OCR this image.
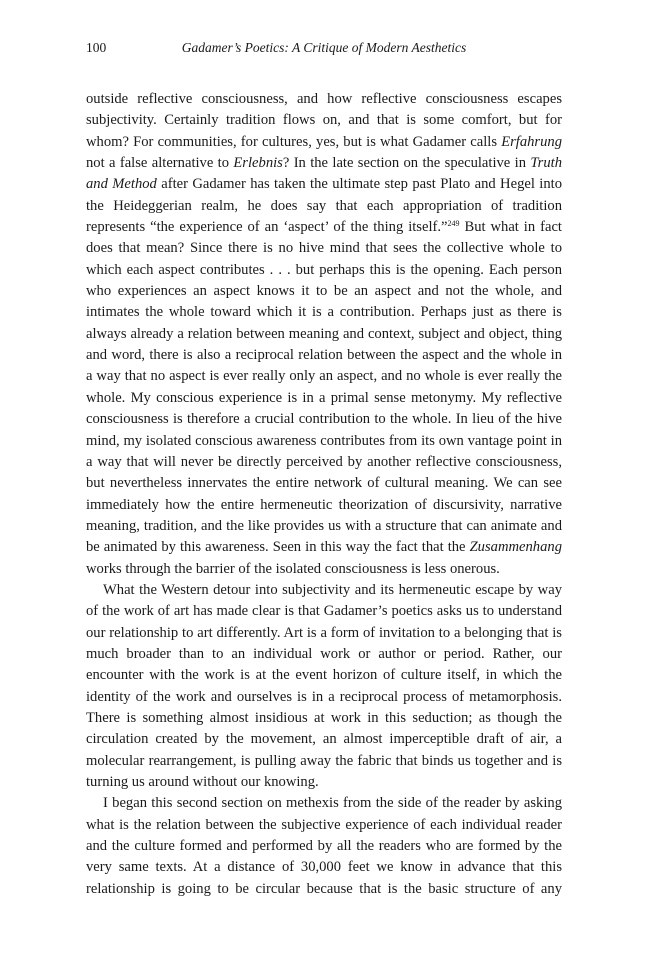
100	Gadamer’s Poetics: A Critique of Modern Aesthetics

outside reflective consciousness, and how reflective consciousness escapes subjectivity. Certainly tradition flows on, and that is some comfort, but for whom? For communities, for cultures, yes, but is what Gadamer calls Erfahrung not a false alternative to Erlebnis? In the late section on the speculative in Truth and Method after Gadamer has taken the ultimate step past Plato and Hegel into the Heideggerian realm, he does say that each appropriation of tradition represents “the experience of an ‘aspect’ of the thing itself.”$^{249}$ But what in fact does that mean? Since there is no hive mind that sees the collective whole to which each aspect contributes . . . but perhaps this is the opening. Each person who experiences an aspect knows it to be an aspect and not the whole, and intimates the whole toward which it is a contribution. Perhaps just as there is always already a relation between meaning and context, subject and object, thing and word, there is also a reciprocal relation between the aspect and the whole in a way that no aspect is ever really only an aspect, and no whole is ever really the whole. My conscious experience is in a primal sense metonymy. My reflective consciousness is therefore a crucial contribution to the whole. In lieu of the hive mind, my isolated conscious awareness contributes from its own vantage point in a way that will never be directly perceived by another reflective consciousness, but nevertheless innervates the entire network of cultural meaning. We can see immediately how the entire hermeneutic theorization of discursivity, narrative meaning, tradition, and the like provides us with a structure that can animate and be animated by this awareness. Seen in this way the fact that the Zusammenhang works through the barrier of the isolated consciousness is less onerous.

What the Western detour into subjectivity and its hermeneutic escape by way of the work of art has made clear is that Gadamer’s poetics asks us to understand our relationship to art differently. Art is a form of invitation to a belonging that is much broader than to an individual work or author or period. Rather, our encounter with the work is at the event horizon of culture itself, in which the identity of the work and ourselves is in a reciprocal process of metamorphosis. There is something almost insidious at work in this seduction; as though the circulation created by the movement, an almost imperceptible draft of air, a molecular rearrangement, is pulling away the fabric that binds us together and is turning us around without our knowing.

I began this second section on methexis from the side of the reader by asking what is the relation between the subjective experience of each individual reader and the culture formed and performed by all the readers who are formed by the very same texts. At a distance of 30,000 feet we know in advance that this relationship is going to be circular because that is the basic structure of any
